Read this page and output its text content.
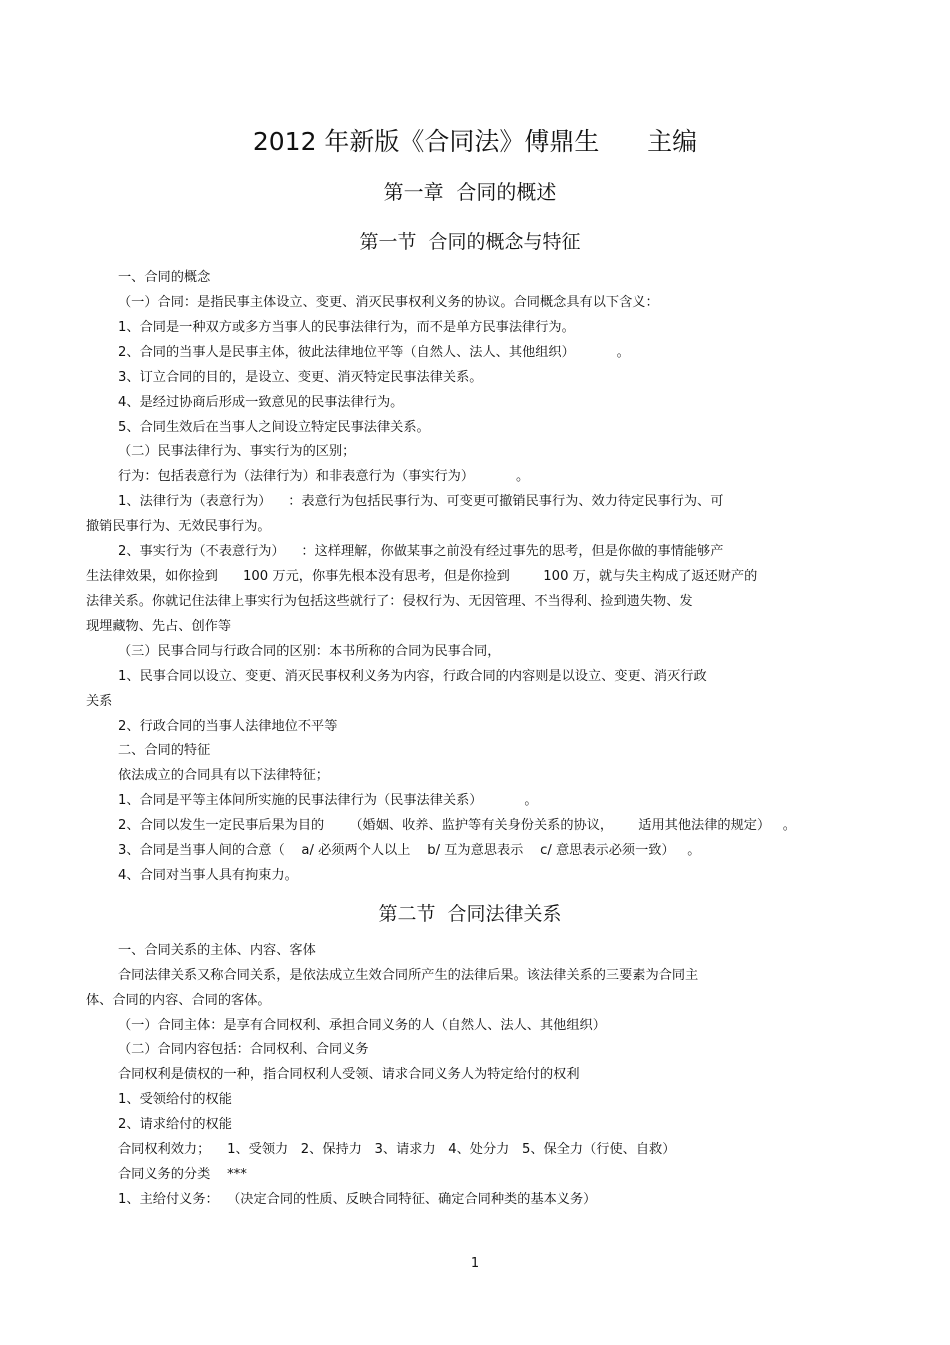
2012 年新版《合同法》傅鼎生      主编
第一章  合同的概述
第一节  合同的概念与特征
一、合同的概念
（一）合同：是指民事主体设立、变更、消灭民事权利义务的协议。合同概念具有以下含义：
1、合同是一种双方或多方当事人的民事法律行为，而不是单方民事法律行为。
2、合同的当事人是民事主体，彼此法律地位平等（自然人、法人、其他组织）          。
3、订立合同的目的，是设立、变更、消灭特定民事法律关系。
4、是经过协商后形成一致意见的民事法律行为。
5、合同生效后在当事人之间设立特定民事法律关系。
（二）民事法律行为、事实行为的区别；
行为：包括表意行为（法律行为）和非表意行为（事实行为）          。
1、法律行为（表意行为）    ：表意行为包括民事行为、可变更可撤销民事行为、效力待定民事行为、可
撤销民事行为、无效民事行为。
2、事实行为（不表意行为）    ：这样理解，你做某事之前没有经过事先的思考，但是你做的事情能够产
生法律效果，如你捡到      100 万元，你事先根本没有思考，但是你捡到        100 万，就与失主构成了返还财产的
法律关系。你就记住法律上事实行为包括这些就行了：侵权行为、无因管理、不当得利、捡到遗失物、发
现埋藏物、先占、创作等
（三）民事合同与行政合同的区别：本书所称的合同为民事合同，
1、民事合同以设立、变更、消灭民事权利义务为内容，行政合同的内容则是以设立、变更、消灭行政
关系
2、行政合同的当事人法律地位不平等
二、合同的特征
依法成立的合同具有以下法律特征；
1、合同是平等主体间所实施的民事法律行为（民事法律关系）          。
2、合同以发生一定民事后果为目的      （婚姻、收养、监护等有关身份关系的协议，      适用其他法律的规定）   。
3、合同是当事人间的合意（    a/ 必须两个人以上    b/ 互为意思表示    c/ 意思表示必须一致）   。
4、合同对当事人具有拘束力。
第二节  合同法律关系
一、合同关系的主体、内容、客体
合同法律关系又称合同关系，是依法成立生效合同所产生的法律后果。该法律关系的三要素为合同主
体、合同的内容、合同的客体。
（一）合同主体：是享有合同权利、承担合同义务的人（自然人、法人、其他组织）
（二）合同内容包括：合同权利、合同义务
合同权利是债权的一种，指合同权利人受领、请求合同义务人为特定给付的权利
1、受领给付的权能
2、请求给付的权能
合同权利效力；    1、受领力   2、保持力   3、请求力   4、处分力   5、保全力（行使、自救）
合同义务的分类    ***
1、主给付义务：  （决定合同的性质、反映合同特征、确定合同种类的基本义务）
1
